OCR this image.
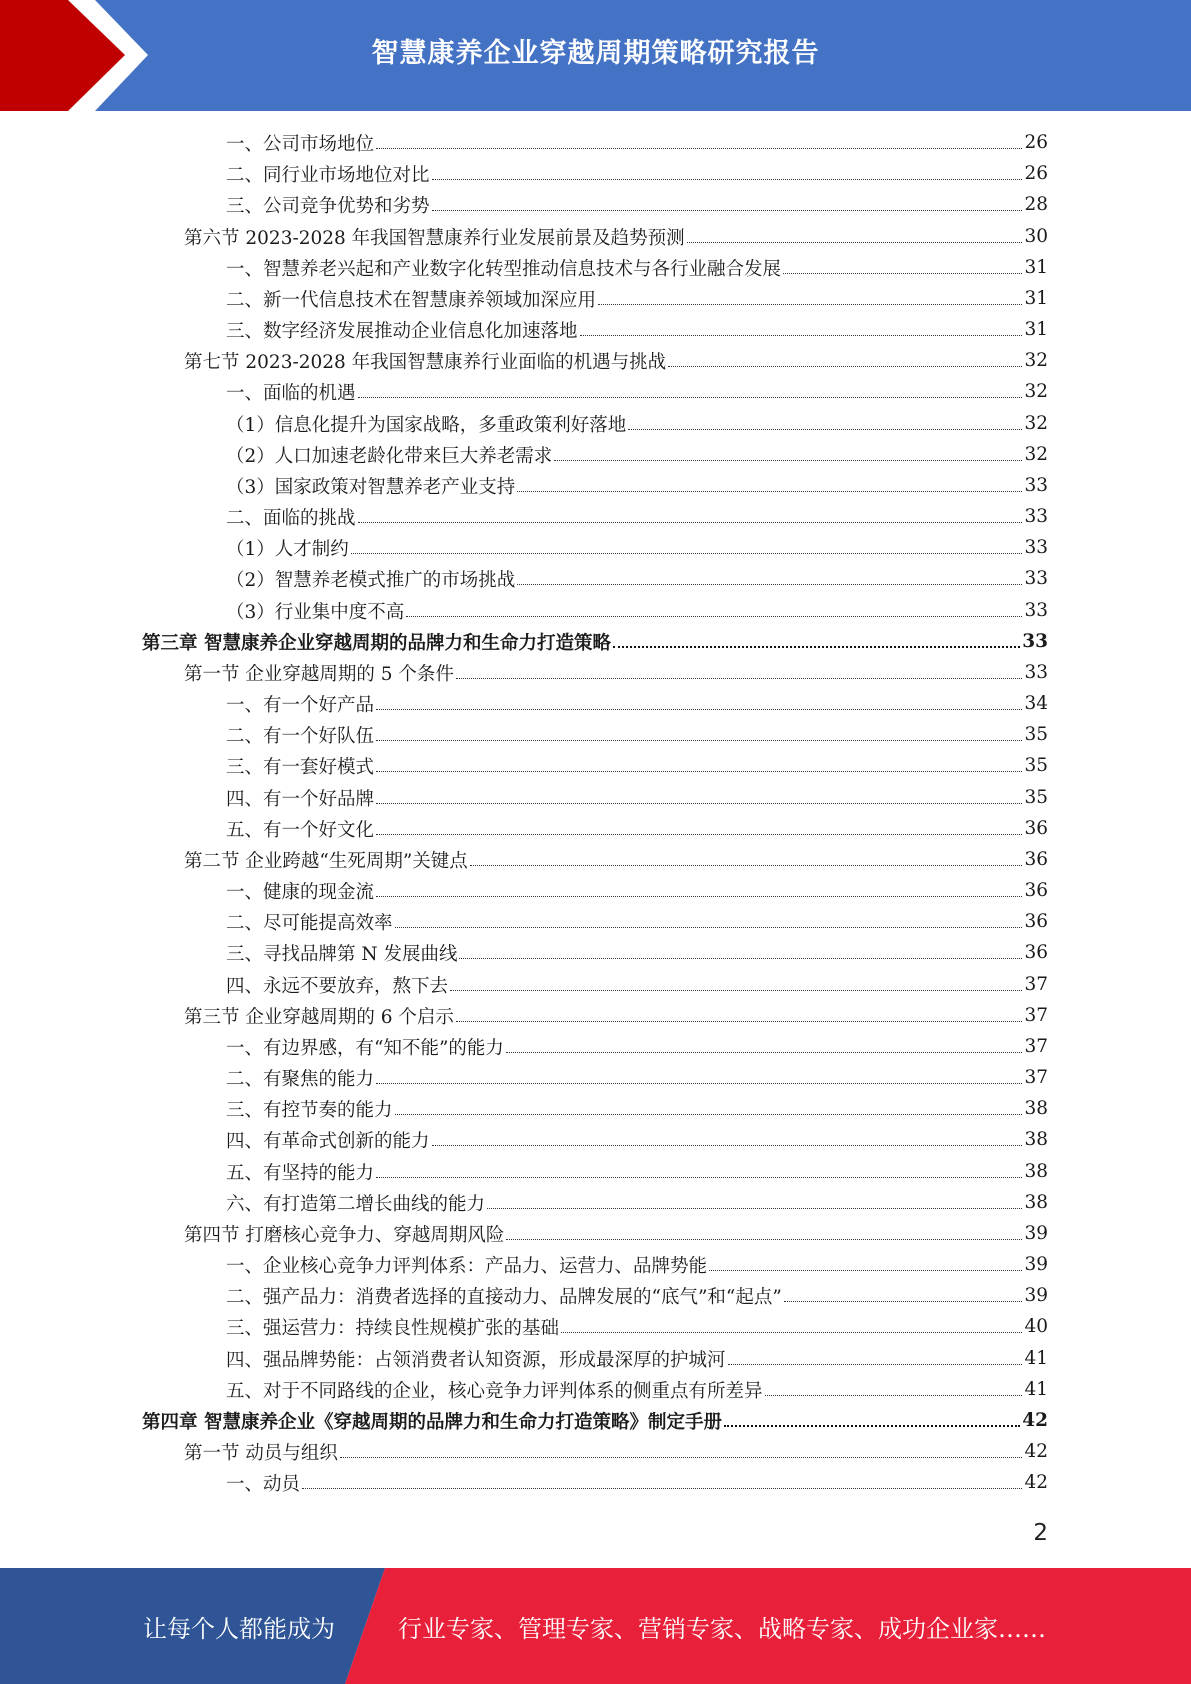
智慧康养企业穿越周期策略研究报告
一、公司市场地位	26
二、同行业市场地位对比	26
三、公司竞争优势和劣势	28
第六节 2023-2028 年我国智慧康养行业发展前景及趋势预测	30
一、智慧养老兴起和产业数字化转型推动信息技术与各行业融合发展	31
二、新一代信息技术在智慧康养领域加深应用	31
三、数字经济发展推动企业信息化加速落地	31
第七节 2023-2028 年我国智慧康养行业面临的机遇与挑战	32
一、面临的机遇	32
（1）信息化提升为国家战略，多重政策利好落地	32
（2）人口加速老龄化带来巨大养老需求	32
（3）国家政策对智慧养老产业支持	33
二、面临的挑战	33
（1）人才制约	33
（2）智慧养老模式推广的市场挑战	33
（3）行业集中度不高	33
第三章 智慧康养企业穿越周期的品牌力和生命力打造策略	33
第一节 企业穿越周期的 5 个条件	33
一、有一个好产品	34
二、有一个好队伍	35
三、有一套好模式	35
四、有一个好品牌	35
五、有一个好文化	36
第二节 企业跨越“生死周期”关键点	36
一、健康的现金流	36
二、尽可能提高效率	36
三、寻找品牌第 N 发展曲线	36
四、永远不要放弃，熬下去	37
第三节 企业穿越周期的 6 个启示	37
一、有边界感，有“知不能”的能力	37
二、有聚焦的能力	37
三、有控节奏的能力	38
四、有革命式创新的能力	38
五、有坚持的能力	38
六、有打造第二增长曲线的能力	38
第四节 打磨核心竞争力、穿越周期风险	39
一、企业核心竞争力评判体系：产品力、运营力、品牌势能	39
二、强产品力：消费者选择的直接动力、品牌发展的“底气”和“起点”	39
三、强运营力：持续良性规模扩张的基础	40
四、强品牌势能：占领消费者认知资源，形成最深厚的护城河	41
五、对于不同路线的企业，核心竞争力评判体系的侧重点有所差异	41
第四章 智慧康养企业《穿越周期的品牌力和生命力打造策略》制定手册	42
第一节 动员与组织	42
一、动员	42
2
让每个人都能成为	行业专家、管理专家、营销专家、战略专家、成功企业家……
